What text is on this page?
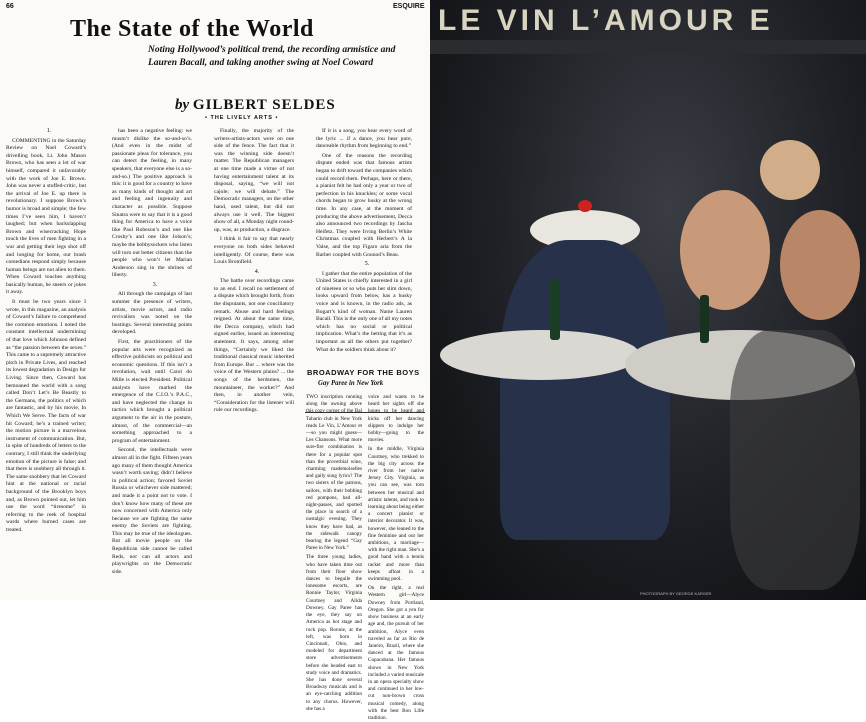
66	ESQUIRE
The State of the World
Noting Hollywood’s political trend, the recording armistice and Lauren Bacall, and taking another swing at Noel Coward
by GILBERT SELDES
• THE LIVELY ARTS •

1.

COMMENTING in the Saturday Review on Noel Coward’s drivelling book, Lt. John Mason Brown, who has seen a lot of war himself, compared it unfavorably with the work of Joe E. Brown. John was never a stuffed-critic, but the arrival of Joe E. up there is revolutionary. I suppose Brown’s humor is broad and simple; the few times I’ve seen him, I haven’t laughed; but when backslapping Brown and wisecracking Hope touch the lives of men fighting in a war and getting their legs shot off and longing for home, our brash comedians respond simply because human beings are not alien to them. When Coward touches anything basically human, he sneers or jokes it away.

It must be two years since I wrote, in this magazine, an analysis of Coward’s failure to comprehend the common emotions. I noted the constant intellectual undermining of that love which Johnson defined as “the passion between the sexes.” This came to a supremely attractive pitch in Private Lives, and reached its lowest degradation in Design for Living. Since then, Coward has bemoaned the world with a song called Don’t Let’s Be Beastly to the Germans, the politics of which are fantastic, and by his movie, In Which We Serve. The facts of war hit Coward; he’s a trained writer; the motion picture is a marvelous instrument of communication. But, in spite of hundreds of letters to the contrary, I still think the underlying emotion of the picture is false; and that there is snobbery all through it. The same snobbery that let Coward hint at the national or racial background of the Brooklyn boys and, as Brown pointed out, let him use the word “tiresome” in referring to the reek of hospital wards where burned cases are treated.

has been a negative feeling: we mustn’t dislike the so-and-so’s. (And even in the midst of passionate pleas for tolerance, you can detect the feeling, in many speakers, that everyone else is a so-and-so.) The positive approach is this: it is good for a country to have as many kinds of thought and art and feeling and ingenuity and character as possible. Suppose Sinatra were to say that it is a good thing for America to have a voice like Paul Robeson’s and one like Crosby’s and one like Jolson’s; maybe the bobbysockers who listen will turn out better citizens than the people who won’t let Marian Anderson sing in the shrines of liberty.

3.

All through the campaign of last summer the presence of writers, artists, movie actors, and radio revivalists was noted on the hustings. Several interesting points developed.

First, the practitioners of the popular arts were recognized as effective publicists on political and economic questions. If this isn’t a revolution, wait until Carol do Mille is elected President. Political analysts have marked the emergence of the C.I.O.’s P.A.C., and have neglected the change in tactics which brought a political argument to the air in the posture, almost, of the commercial—an something approached to a program of entertainment.

Second, the intellectuals were almost all in the fight. Fifteen years ago many of them thought America wasn’t worth saving; didn’t believe in political action; favored Soviet Russia or whichever side mattered; and made it a point not to vote. I don’t know how many of these are now concerned with America only because we are fighting the same enemy the Soviets are fighting. This may be true of the ideologues. But all movie people on the Republican side cannot be called Reds, nor can all actors and playwrights on the Democratic side.

Finally, the majority of the writers-artists-actors were on one side of the fence. The fact that it was the winning side doesn’t matter. The Republican managers at one time made a virtue of not having entertainment talent at its disposal, saying, “we will not cajole; we will debate.” The Democratic managers, on the other hand, used talent, but did not always use it well. The biggest show of all, a Monday night round-up, was, as production, a disgrace.

I think it fair to say that nearly everyone on both sides behaved intelligently. Of course, there was Louis Bromfield.

4.

The battle over recordings came to an end. I recall no settlement of a dispute which brought forth, from the disputants, not one conciliatory remark. Abuse and hard feelings reigned. At about the same time, the Decca company, which had signed earlier, issued an interesting statement. It says, among other things, “Certainly we liked the traditional classical music inherited from Europe. But ... where was the voice of the Western plains? ... the songs of the herdsmen, the mountaineer, the worker?” And then, in another vein, “Consideration for the listener will rule our recordings.

If it is a song, you hear every word of the lyric ... if a dance, you hear pure, danceable rhythm from beginning to end.”

One of the reasons the recording dispute ended was that famous artists began to drift toward the companies which could record them. Perhaps, here or there, a pianist felt he had only a year or two of perfection in his knuckles; or some vocal chords began to grow husky at the wrong time. In any case, at the moment of producing the above advertisement, Decca also announced two recordings by Jascha Heifetz. They were Irving Berlin’s White Christmas coupled with Herbert’s A la Valse, and the top Figaro aria from the Barber coupled with Gounod’s Beau.

5.

I gather that the entire population of the United States is chiefly interested in a girl of nineteen or so who puts her slim down, looks upward from below, has a husky voice and is known, in the radio ads, as Bogart’s kind of woman. Name Lauren Bacall. This is the only one of all my notes which has no social or political implication. What’s the betting that it’s as important as all the others put together? What do the soldiers think about it?

BROADWAY FOR THE BOYS
Gay Paree in New York
TWO inscription running along the awning above this cozy corner of the Bal Tabarin club in New York reads Le Vin, L’Amour et—so you might guess—Les Chansons. What more sure-fire combination is there for a popular spot than the proverbial wine, charming mademoiselles and gaily sung lyrics? The two sisters of the patrons, sailors, with their bobbing red pompons, had all-night-passes, and spotted the place in search of a nostalgic evening. They know they have had, as the sidewalk canopy bearing the legend “Gay Paree in New York.”

The three young ladies, who have taken time out from their floor show dances to beguile the lonesome escorts, are Ronnie Taylor, Virginia Courtney and Alida Downey. Gay Paree has the eye, they say on America as hot stage and rock pop. Ronnie, at the left, was born in Cincinnati, Ohio, and modeled for department store advertisements before she headed east to study voice and dramatics. She has done several Broadway musicals and is an eye-catching addition to any chorus. However, she has a

voice and wants to be heard her sights off she hopes to be heard and kicks off her dancing slippers to indulge her hobby—going to the movies.

In the middle, Virginia Courtney, who trekked to the big city across the river from her native Jersey City. Virginia, as you can see, was torn between her musical and artistic talents, and took to learning about being either a concert pianist or interior decorator. It was, however, she leaned to the fine feminine and our her ambitions, a marriage—with the right man. She’s a good hand with a tennis racket and more than keeps afloat in a swimming pool.

On the right, a real Western girl—Alyce Downey from Portland, Oregon. She got a yen for show business at an early age and, the pursuit of her ambition, Alyce even traveled as far as Rio de Janeiro, Brazil, where she danced at the famous Copacabana. Her famous shows in New York included a varied musicale in an opera specialty show and continued in her low-cut non-brown cross musical comedy, along with the best Bon Lille tradition.

LE VIN L’AMOUR E
PHOTOGRAPH BY GEORGE KARGER
